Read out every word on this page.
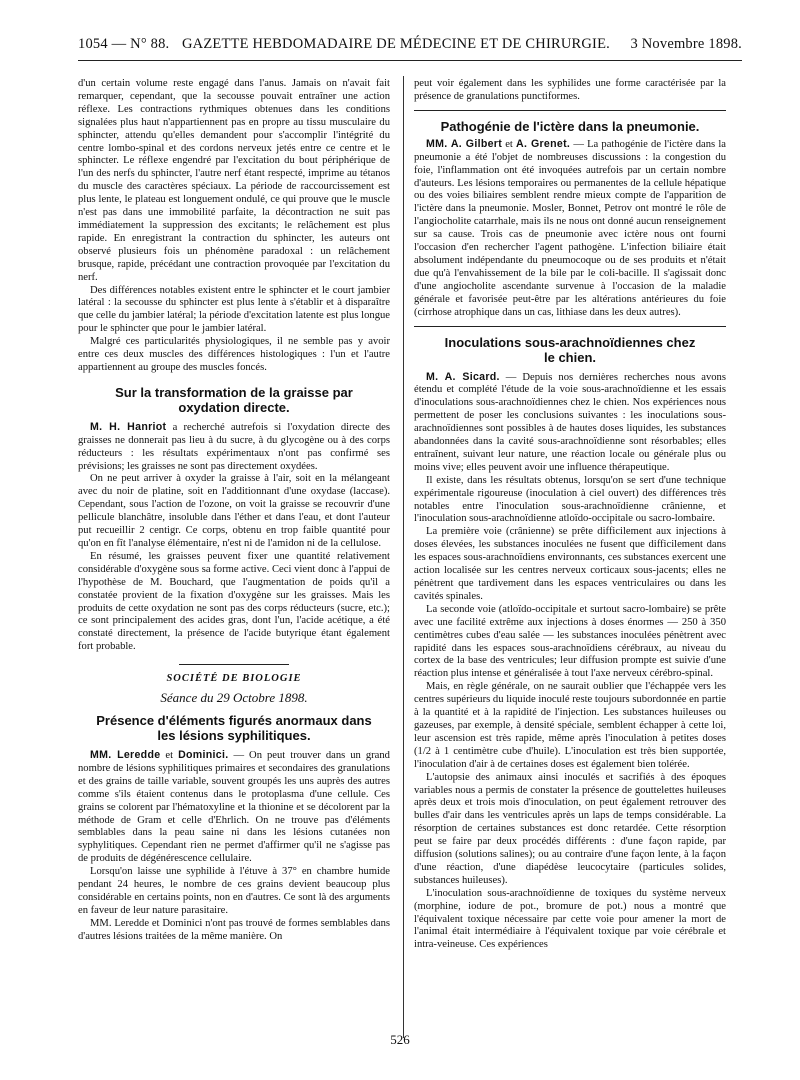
1054 — N° 88. GAZETTE HEBDOMADAIRE DE MÉDECINE ET DE CHIRURGIE. 3 Novembre 1898.

d'un certain volume reste engagé dans l'anus. Jamais on n'avait fait remarquer, cependant, que la secousse pouvait entraîner une action réflexe. Les contractions rythmiques obtenues dans les conditions signalées plus haut n'appartiennent pas en propre au tissu musculaire du sphincter, attendu qu'elles demandent pour s'accomplir l'intégrité du centre lombo-spinal et des cordons nerveux jetés entre ce centre et le sphincter. Le réflexe engendré par l'excitation du bout périphérique de l'un des nerfs du sphincter, l'autre nerf étant respecté, imprime au tétanos du muscle des caractères spéciaux. La période de raccourcissement est plus lente, le plateau est longuement ondulé, ce qui prouve que le muscle n'est pas dans une immobilité parfaite, la décontraction ne suit pas immédiatement la suppression des excitants; le relâchement est plus rapide. En enregistrant la contraction du sphincter, les auteurs ont observé plusieurs fois un phénomène paradoxal : un relâchement brusque, rapide, précédant une contraction provoquée par l'excitation du nerf.

Des différences notables existent entre le sphincter et le court jambier latéral : la secousse du sphincter est plus lente à s'établir et à disparaître que celle du jambier latéral; la période d'excitation latente est plus longue pour le sphincter que pour le jambier latéral.

Malgré ces particularités physiologiques, il ne semble pas y avoir entre ces deux muscles des différences histologiques : l'un et l'autre appartiennent au groupe des muscles foncés.

Sur la transformation de la graisse par
oxydation directe.

M. H. Hanriot a recherché autrefois si l'oxydation directe des graisses ne donnerait pas lieu à du sucre, à du glycogène ou à des corps réducteurs : les résultats expérimentaux n'ont pas confirmé ses prévisions; les graisses ne sont pas directement oxydées.

On ne peut arriver à oxyder la graisse à l'air, soit en la mélangeant avec du noir de platine, soit en l'additionnant d'une oxydase (laccase). Cependant, sous l'action de l'ozone, on voit la graisse se recouvrir d'une pellicule blanchâtre, insoluble dans l'éther et dans l'eau, et dont l'auteur put recueillir 2 centigr. Ce corps, obtenu en trop faible quantité pour qu'on en fît l'analyse élémentaire, n'est ni de l'amidon ni de la cellulose.

En résumé, les graisses peuvent fixer une quantité relativement considérable d'oxygène sous sa forme active. Ceci vient donc à l'appui de l'hypothèse de M. Bouchard, que l'augmentation de poids qu'il a constatée provient de la fixation d'oxygène sur les graisses. Mais les produits de cette oxydation ne sont pas des corps réducteurs (sucre, etc.); ce sont principalement des acides gras, dont l'un, l'acide acétique, a été constaté directement, la présence de l'acide butyrique étant également fort probable.

SOCIÉTÉ DE BIOLOGIE
Séance du 29 Octobre 1898.
Présence d'éléments figurés anormaux dans
les lésions syphilitiques.

MM. Leredde et Dominici. — On peut trouver dans un grand nombre de lésions syphilitiques primaires et secondaires des granulations et des grains de taille variable, souvent groupés les uns auprès des autres comme s'ils étaient contenus dans le protoplasma d'une cellule. Ces grains se colorent par l'hématoxyline et la thionine et se décolorent par la méthode de Gram et celle d'Ehrlich. On ne trouve pas d'éléments semblables dans la peau saine ni dans les lésions cutanées non syphylitiques. Cependant rien ne permet d'affirmer qu'il ne s'agisse pas de produits de dégénérescence cellulaire.

Lorsqu'on laisse une syphilide à l'étuve à 37° en chambre humide pendant 24 heures, le nombre de ces grains devient beaucoup plus considérable en certains points, non en d'autres. Ce sont là des arguments en faveur de leur nature parasitaire.

MM. Leredde et Dominici n'ont pas trouvé de formes semblables dans d'autres lésions traitées de la même manière. On

peut voir également dans les syphilides une forme caractérisée par la présence de granulations punctiformes.

Pathogénie de l'ictère dans la pneumonie.

MM. A. Gilbert et A. Grenet. — La pathogénie de l'ictère dans la pneumonie a été l'objet de nombreuses discussions : la congestion du foie, l'inflammation ont été invoquées autrefois par un certain nombre d'auteurs. Les lésions temporaires ou permanentes de la cellule hépatique ou des voies biliaires semblent rendre mieux compte de l'apparition de l'ictère dans la pneumonie. Mosler, Bonnet, Petrov ont montré le rôle de l'angiocholite catarrhale, mais ils ne nous ont donné aucun renseignement sur sa cause. Trois cas de pneumonie avec ictère nous ont fourni l'occasion d'en rechercher l'agent pathogène. L'infection biliaire était absolument indépendante du pneumocoque ou de ses produits et n'était due qu'à l'envahissement de la bile par le coli-bacille. Il s'agissait donc d'une angiocholite ascendante survenue à l'occasion de la maladie générale et favorisée peut-être par les altérations antérieures du foie (cirrhose atrophique dans un cas, lithiase dans les deux autres).

Inoculations sous-arachnoïdiennes chez
le chien.

M. A. Sicard. — Depuis nos dernières recherches nous avons étendu et complété l'étude de la voie sous-arachnoïdienne et les essais d'inoculations sous-arachnoïdiennes chez le chien. Nos expériences nous permettent de poser les conclusions suivantes : les inoculations sous-arachnoïdiennes sont possibles à de hautes doses liquides, les substances abandonnées dans la cavité sous-arachnoïdienne sont résorbables; elles entraînent, suivant leur nature, une réaction locale ou générale plus ou moins vive; elles peuvent avoir une influence thérapeutique.

Il existe, dans les résultats obtenus, lorsqu'on se sert d'une technique expérimentale rigoureuse (inoculation à ciel ouvert) des différences très notables entre l'inoculation sous-arachnoïdienne crânienne, et l'inoculation sous-arachnoïdienne atloïdo-occipitale ou sacro-lombaire.

La première voie (crânienne) se prête difficilement aux injections à doses élevées, les substances inoculées ne fusent que difficilement dans les espaces sous-arachnoïdiens environnants, ces substances exercent une action localisée sur les centres nerveux corticaux sous-jacents; elles ne pénètrent que tardivement dans les espaces ventriculaires ou dans les cavités spinales.

La seconde voie (atloïdo-occipitale et surtout sacro-lombaire) se prête avec une facilité extrême aux injections à doses énormes — 250 à 350 centimètres cubes d'eau salée — les substances inoculées pénètrent avec rapidité dans les espaces sous-arachnoïdiens cérébraux, au niveau du cortex de la base des ventricules; leur diffusion prompte est suivie d'une réaction plus intense et généralisée à tout l'axe nerveux cérébro-spinal.

Mais, en règle générale, on ne saurait oublier que l'échappée vers les centres supérieurs du liquide inoculé reste toujours subordonnée en partie à la quantité et à la rapidité de l'injection. Les substances huileuses ou gazeuses, par exemple, à densité spéciale, semblent échapper à cette loi, leur ascension est très rapide, même après l'inoculation à petites doses (1/2 à 1 centimètre cube d'huile). L'inoculation est très bien supportée, l'inoculation d'air à de certaines doses est également bien tolérée.

L'autopsie des animaux ainsi inoculés et sacrifiés à des époques variables nous a permis de constater la présence de gouttelettes huileuses après deux et trois mois d'inoculation, on peut également retrouver des bulles d'air dans les ventricules après un laps de temps considérable. La résorption de certaines substances est donc retardée. Cette résorption peut se faire par deux procédés différents : d'une façon rapide, par diffusion (solutions salines); ou au contraire d'une façon lente, à la façon d'une réaction, d'une diapédèse leucocytaire (particules solides, substances huileuses).

L'inoculation sous-arachnoïdienne de toxiques du système nerveux (morphine, iodure de pot., bromure de pot.) nous a montré que l'équivalent toxique nécessaire par cette voie pour amener la mort de l'animal était intermédiaire à l'équivalent toxique par voie cérébrale et intra-veineuse. Ces expériences

526
